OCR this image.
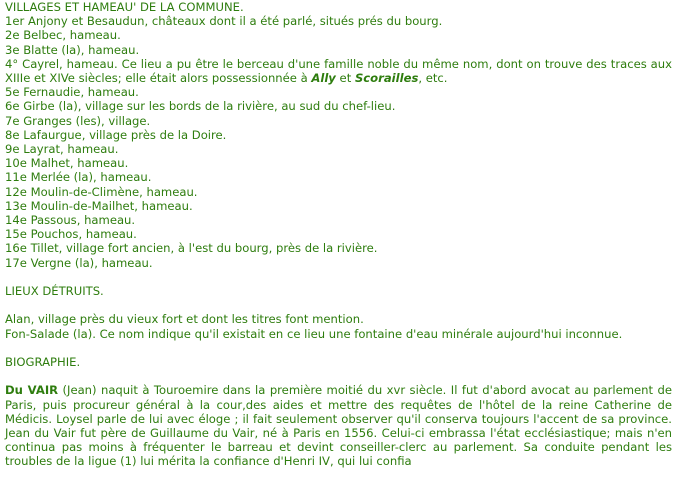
VILLAGES ET HAMEAU' DE LA COMMUNE.

1er Anjony et Besaudun, châteaux dont il a été parlé, situés prés du bourg.

2e Belbec, hameau.

3e Blatte (la), hameau.

4° Cayrel, hameau. Ce lieu a pu être le berceau d'une famille noble du même nom, dont on trouve des traces aux XIIIe et XIVe siècles; elle était alors possessionnée à Ally et Scorailles, etc.

5e Fernaudie, hameau.

6e Girbe (la), village sur les bords de la rivière, au sud du chef-lieu.

7e Granges (les), village.

8e Lafaurgue, village près de la Doire.

9e Layrat, hameau.

10e Malhet, hameau.

11e Merlée (la), hameau.

12e Moulin-de-Climène, hameau.

13e Moulin-de-Mailhet, hameau.

14e Passous, hameau.

15e Pouchos, hameau.

16e Tillet, village fort ancien, à l'est du bourg, près de la rivière.

17e Vergne (la), hameau.

LIEUX DÉTRUITS.

Alan, village près du vieux fort et dont les titres font mention.

Fon-Salade (la). Ce nom indique qu'il existait en ce lieu une fontaine d'eau minérale aujourd'hui inconnue.

BIOGRAPHIE.

Du VAIR (Jean) naquit à Touroemire dans la première moitié du xvr siècle. Il fut d'abord avocat au parlement de Paris, puis procureur général à la cour,des aides et mettre des requêtes de l'hôtel de la reine Catherine de Médicis. Loysel parle de lui avec éloge ; il fait seulement observer qu'il conserva toujours l'accent de sa province. Jean du Vair fut père de Guillaume du Vair, né à Paris en 1556. Celui-ci embrassa l'état ecclésiastique; mais n'en continua pas moins à fréquenter le barreau et devint conseiller-clerc au parlement. Sa conduite pendant les troubles de la ligue (1) lui mérita la confiance d'Henri IV, qui lui confia
